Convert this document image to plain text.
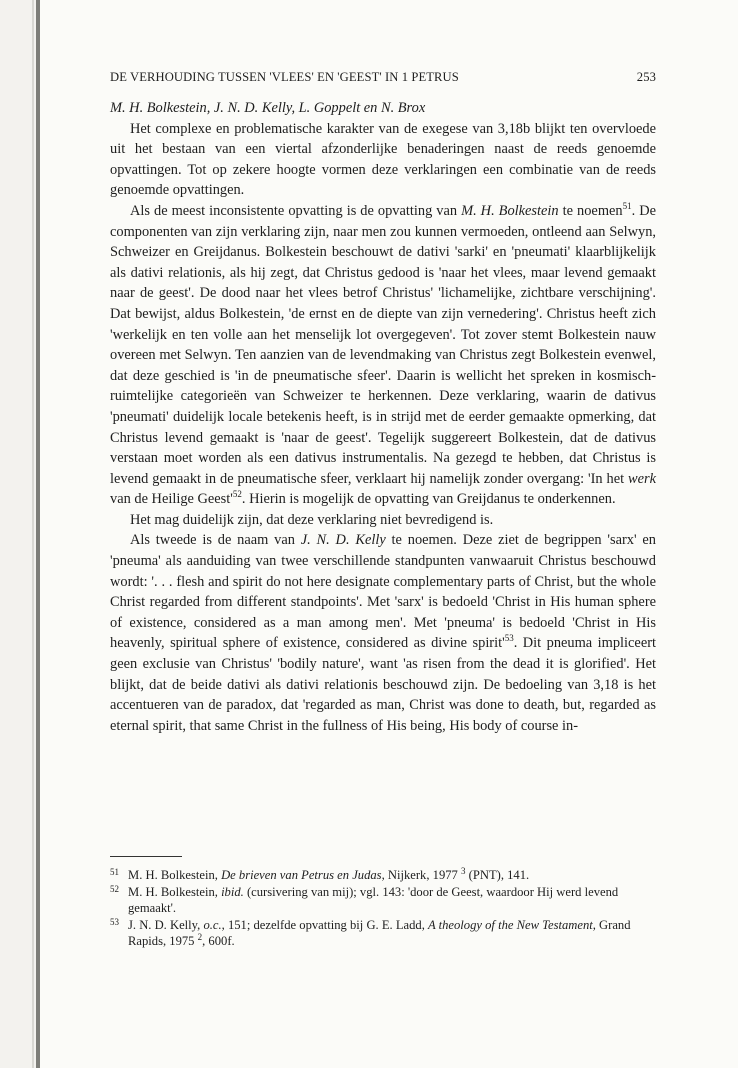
DE VERHOUDING TUSSEN 'VLEES' EN 'GEEST' IN 1 PETRUS	253

M. H. Bolkestein, J. N. D. Kelly, L. Goppelt en N. Brox

Het complexe en problematische karakter van de exegese van 3,18b blijkt ten overvloede uit het bestaan van een viertal afzonderlijke benaderingen naast de reeds genoemde opvattingen. Tot op zekere hoogte vormen deze verklaringen een combinatie van de reeds genoemde opvattingen.

Als de meest inconsistente opvatting is de opvatting van M. H. Bolkestein te noemen$^{51}$. De componenten van zijn verklaring zijn, naar men zou kunnen vermoeden, ontleend aan Selwyn, Schweizer en Greijdanus. Bolkestein beschouwt de dativi 'sarki' en 'pneumati' klaarblijkelijk als dativi relationis, als hij zegt, dat Christus gedood is 'naar het vlees, maar levend gemaakt naar de geest'. De dood naar het vlees betrof Christus' 'lichamelijke, zichtbare verschijning'. Dat bewijst, aldus Bolkestein, 'de ernst en de diepte van zijn vernedering'. Christus heeft zich 'werkelijk en ten volle aan het menselijk lot overgegeven'. Tot zover stemt Bolkestein nauw overeen met Selwyn. Ten aanzien van de levendmaking van Christus zegt Bolkestein evenwel, dat deze geschied is 'in de pneumatische sfeer'. Daarin is wellicht het spreken in kosmisch-ruimtelijke categorieën van Schweizer te herkennen. Deze verklaring, waarin de dativus 'pneumati' duidelijk locale betekenis heeft, is in strijd met de eerder gemaakte opmerking, dat Christus levend gemaakt is 'naar de geest'. Tegelijk suggereert Bolkestein, dat de dativus verstaan moet worden als een dativus instrumentalis. Na gezegd te hebben, dat Christus is levend gemaakt in de pneumatische sfeer, verklaart hij namelijk zonder overgang: 'In het werk van de Heilige $Geest'^{52}$. Hierin is mogelijk de opvatting van Greijdanus te onderkennen.

Het mag duidelijk zijn, dat deze verklaring niet bevredigend is.

Als tweede is de naam van J. N. D. Kelly te noemen. Deze ziet de begrippen 'sarx' en 'pneuma' als aanduiding van twee verschillende standpunten vanwaaruit Christus beschouwd wordt: '. . . flesh and spirit do not here designate complementary parts of Christ, but the whole Christ regarded from different standpoints'. Met 'sarx' is bedoeld 'Christ in His human sphere of existence, considered as a man among men'. Met 'pneuma' is bedoeld 'Christ in His heavenly, spiritual sphere of existence, considered as divine $spirit'^{53}$. Dit pneuma impliceert geen exclusie van Christus' 'bodily nature', want 'as risen from the dead it is glorified'. Het blijkt, dat de beide dativi als dativi relationis beschouwd zijn. De bedoeling van 3,18 is het accentueren van de paradox, dat 'regarded as man, Christ was done to death, but, regarded as eternal spirit, that same Christ in the fullness of His being, His body of course in-

51 M. H. Bolkestein, De brieven van Petrus en Judas, Nijkerk, 1977 $^3$ (PNT), 141.
52 M. H. Bolkestein, ibid. (cursivering van mij); vgl. 143: 'door de Geest, waardoor Hij werd levend gemaakt'.
53 J. N. D. Kelly, o.c., 151; dezelfde opvatting bij G. E. Ladd, A theology of the New Testament, Grand Rapids, 1975 $^2$, 600f.
